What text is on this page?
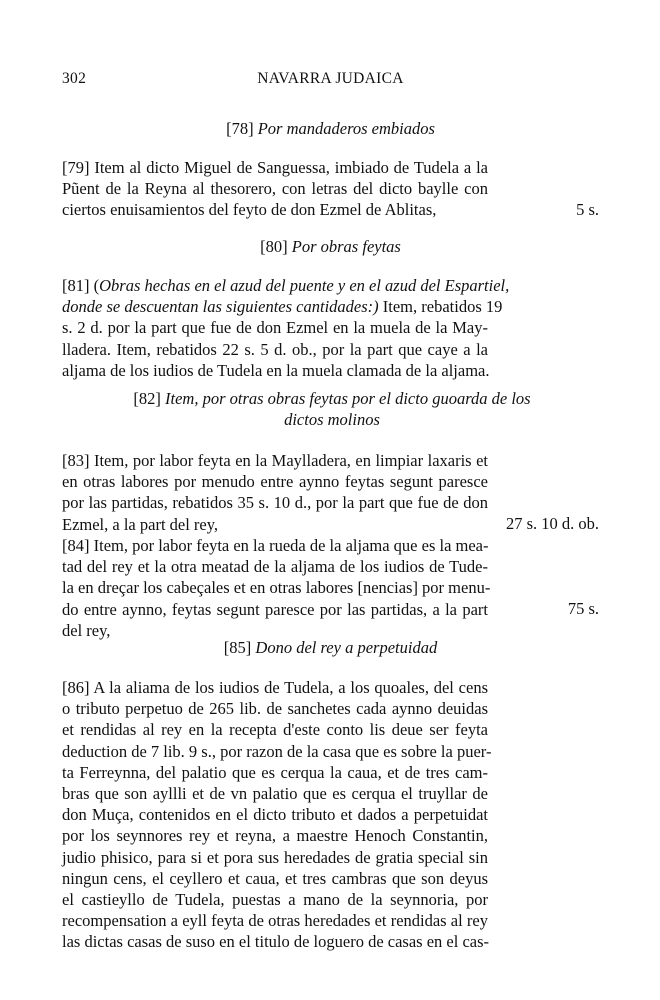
302	NAVARRA JUDAICA
[78] Por mandaderos embiados
[79] Item al dicto Miguel de Sanguessa, imbiado de Tudela a la
Pũent de la Reyna al thesorero, con letras del dicto baylle con
ciertos enuisamientos del feyto de don Ezmel de Ablitas,	5 s.
[80] Por obras feytas
[81] (Obras hechas en el azud del puente y en el azud del Espartiel,
donde se descuentan las siguientes cantidades:) Item, rebatidos 19
s. 2 d. por la part que fue de don Ezmel en la muela de la May-
lladera. Item, rebatidos 22 s. 5 d. ob., por la part que caye a la
aljama de los iudios de Tudela en la muela clamada de la aljama.
[82] Item, por otras obras feytas por el dicto guoarda de los
dictos molinos
[83] Item, por labor feyta en la Maylladera, en limpiar laxaris et
en otras labores por menudo entre aynno feytas segunt paresce
por las partidas, rebatidos 35 s. 10 d., por la part que fue de don
Ezmel, a la part del rey,	27 s. 10 d. ob.
[84] Item, por labor feyta en la rueda de la aljama que es la mea-
tad del rey et la otra meatad de la aljama de los iudios de Tude-
la en dreçar los cabeçales et en otras labores [nencias] por menu-
do entre aynno, feytas segunt paresce por las partidas, a la part
del rey,
75 s.
[85] Dono del rey a perpetuidad
[86] A la aliama de los iudios de Tudela, a los quoales, del cens
o tributo perpetuo de 265 lib. de sanchetes cada aynno deuidas
et rendidas al rey en la recepta d'este conto lis deue ser feyta
deduction de 7 lib. 9 s., por razon de la casa que es sobre la puer-
ta Ferreynna, del palatio que es cerqua la caua, et de tres cam-
bras que son ayllli et de vn palatio que es cerqua el truyllar de
don Muça, contenidos en el dicto tributo et dados a perpetuidat
por los seynnores rey et reyna, a maestre Henoch Constantin,
judio phisico, para si et pora sus heredades de gratia special sin
ningun cens, el ceyllero et caua, et tres cambras que son deyus
el castieyllo de Tudela, puestas a mano de la seynnoria, por
recompensation a eyll feyta de otras heredades et rendidas al rey
las dictas casas de suso en el titulo de loguero de casas en el cas-
